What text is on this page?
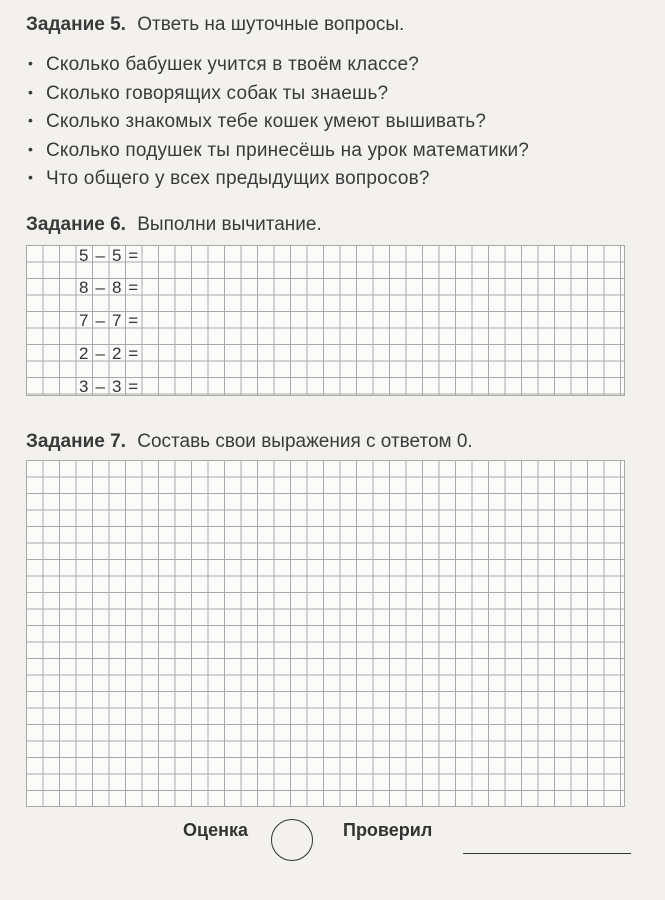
Задание 5. Ответь на шуточные вопросы.
• Сколько бабушек учится в твоём классе?
• Сколько говорящих собак ты знаешь?
• Сколько знакомых тебе кошек умеют вышивать?
• Сколько подушек ты принесёшь на урок математики?
• Что общего у всех предыдущих вопросов?
Задание 6. Выполни вычитание.
5 – 5 =
8 – 8 =
7 – 7 =
2 – 2 =
3 – 3 =
Задание 7. Составь свои выражения с ответом 0.
Оценка	Проверил
